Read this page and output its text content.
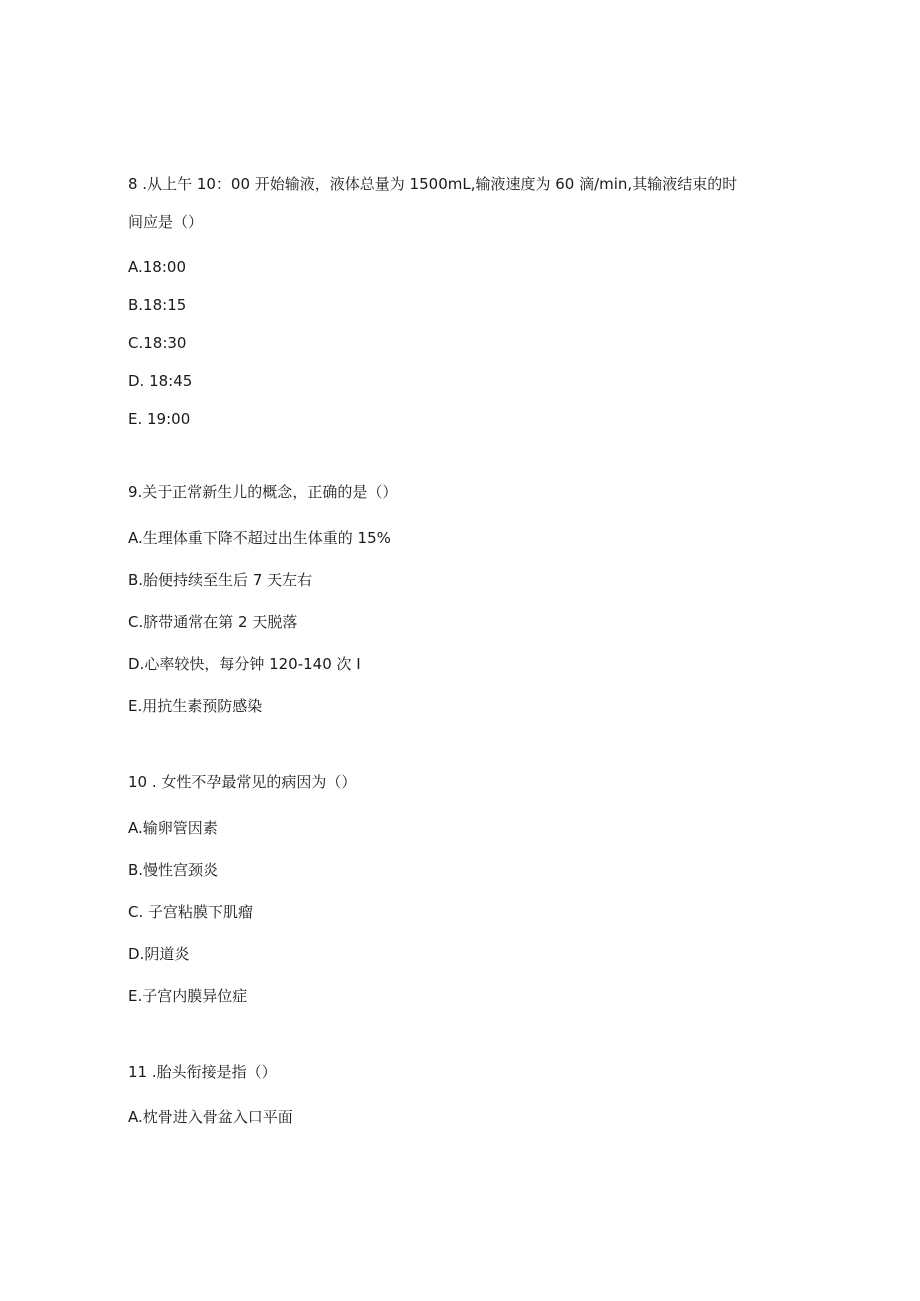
8 .从上午 10：00 开始输液，液体总量为 1500mL,输液速度为 60 滴/min,其输液结束的时
间应是（）
A.18:00
B.18:15
C.18:30
D. 18:45
E. 19:00
9.关于正常新生儿的概念，正确的是（）
A.生理体重下降不超过出生体重的 15%
B.胎便持续至生后 7 天左右
C.脐带通常在第 2 天脱落
D.心率较快，每分钟 120-140 次 I
E.用抗生素预防感染
10 . 女性不孕最常见的病因为（）
A.输卵管因素
B.慢性宫颈炎
C. 子宫粘膜下肌瘤
D.阴道炎
E.子宫内膜异位症
11 .胎头衔接是指（）
A.枕骨进入骨盆入口平面
